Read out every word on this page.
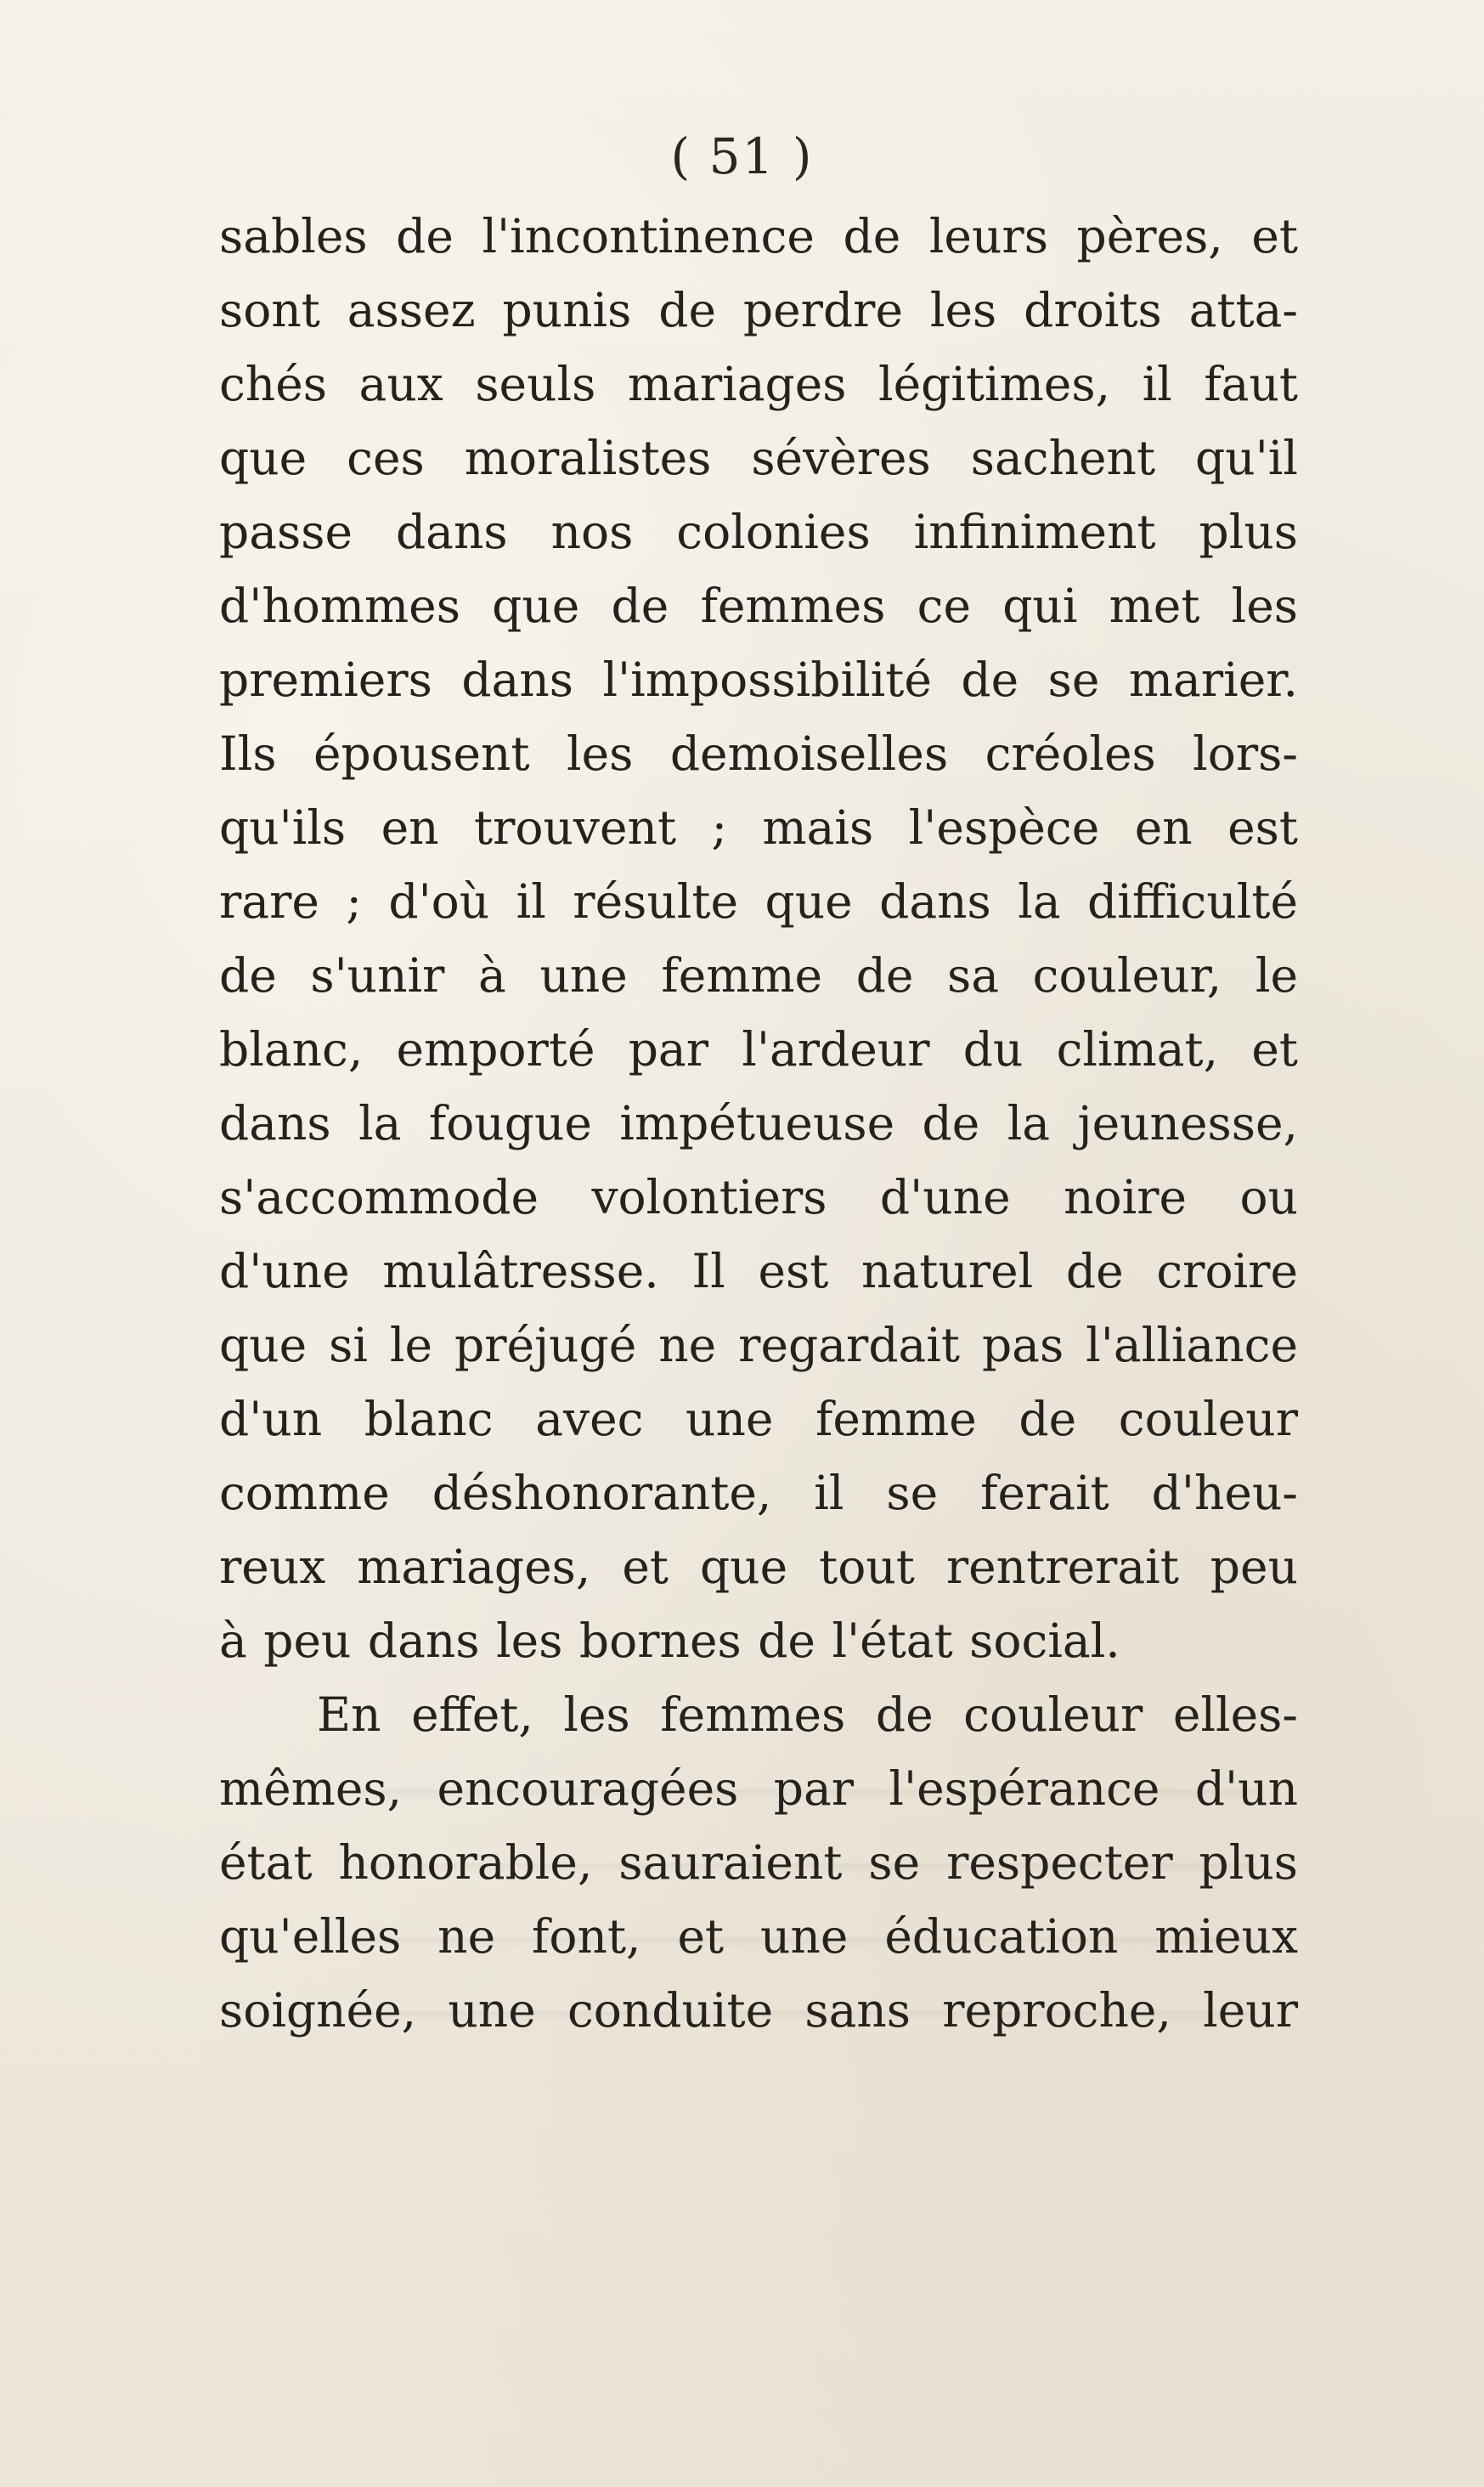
( 51 )

sables de l'incontinence de leurs pères, et
sont assez punis de perdre les droits atta-
chés aux seuls mariages légitimes, il faut
que ces moralistes sévères sachent qu'il
passe dans nos colonies infiniment plus
d'hommes que de femmes ce qui met les
premiers dans l'impossibilité de se marier.
Ils épousent les demoiselles créoles lors-
qu'ils en trouvent ; mais l'espèce en est
rare ; d'où il résulte que dans la difficulté
de s'unir à une femme de sa couleur, le
blanc, emporté par l'ardeur du climat, et
dans la fougue impétueuse de la jeunesse,
s'accommode volontiers d'une noire ou
d'une mulâtresse. Il est naturel de croire
que si le préjugé ne regardait pas l'alliance
d'un blanc avec une femme de couleur
comme déshonorante, il se ferait d'heu-
reux mariages, et que tout rentrerait peu
à peu dans les bornes de l'état social.
En effet, les femmes de couleur elles-
mêmes, encouragées par l'espérance d'un
état honorable, sauraient se respecter plus
qu'elles ne font, et une éducation mieux
soignée, une conduite sans reproche, leur
